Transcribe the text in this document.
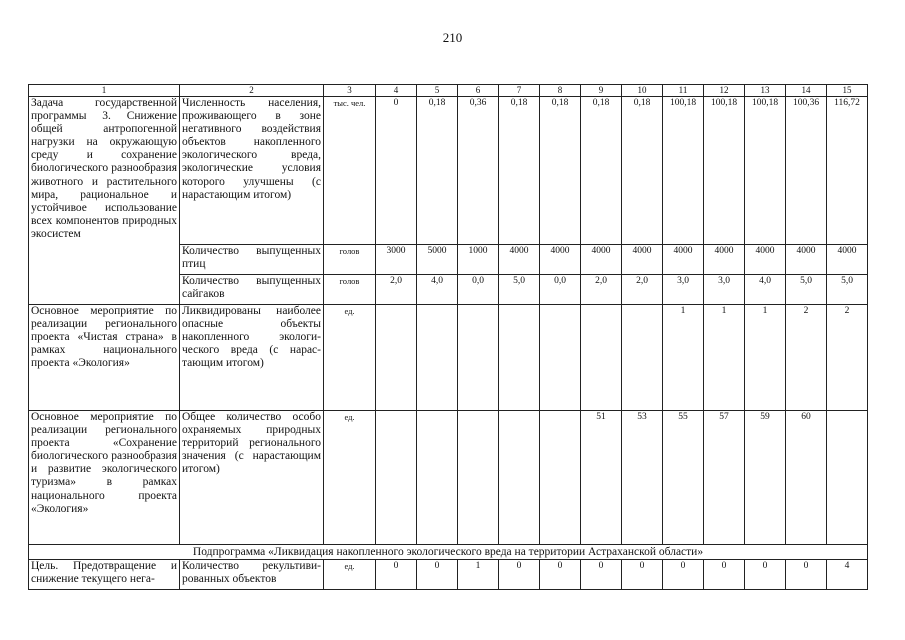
210
1	2	3	4	5	6	7	8	9	10	11	12	13	14	15
Задача государственной программы 3. Снижение общей антропогенной нагрузки на окружающую среду и сохранение биологического разнообразия животного и растительного мира, рациональное и устойчивое использование всех компонентов природных экосистем	Численность населения, проживающего в зоне негативного воздействия объектов накопленного экологического вреда, экологические условия которого улучшены (с нарастающим итогом)	тыс. чел.	0	0,18	0,36	0,18	0,18	0,18	0,18	100,18	100,18	100,18	100,36	116,72
	Количество выпущенных птиц	голов	3000	5000	1000	4000	4000	4000	4000	4000	4000	4000	4000	4000
	Количество выпущенных сайгаков	голов	2,0	4,0	0,0	5,0	0,0	2,0	2,0	3,0	3,0	4,0	5,0	5,0
Основное мероприятие по реализации регионального проекта «Чистая страна» в рамках национального проекта «Экология»	Ликвидированы наиболее опасные объекты накопленного экологического вреда (с нарастающим итогом)	ед.								1	1	1	2	2
Основное мероприятие по реализации регионального проекта «Сохранение биологического разнообразия и развитие экологического туризма» в рамках национального проекта «Экология»	Общее количество особо охраняемых природных территорий регионального значения (с нарастающим итогом)	ед.						51	53	55	57	59	60	
Подпрограмма «Ликвидация накопленного экологического вреда на территории Астраханской области»														
Цель. Предотвращение и снижение текущего нега-	Количество рекультивированных объектов	ед.	0	0	1	0	0	0	0	0	0	0	0	4
